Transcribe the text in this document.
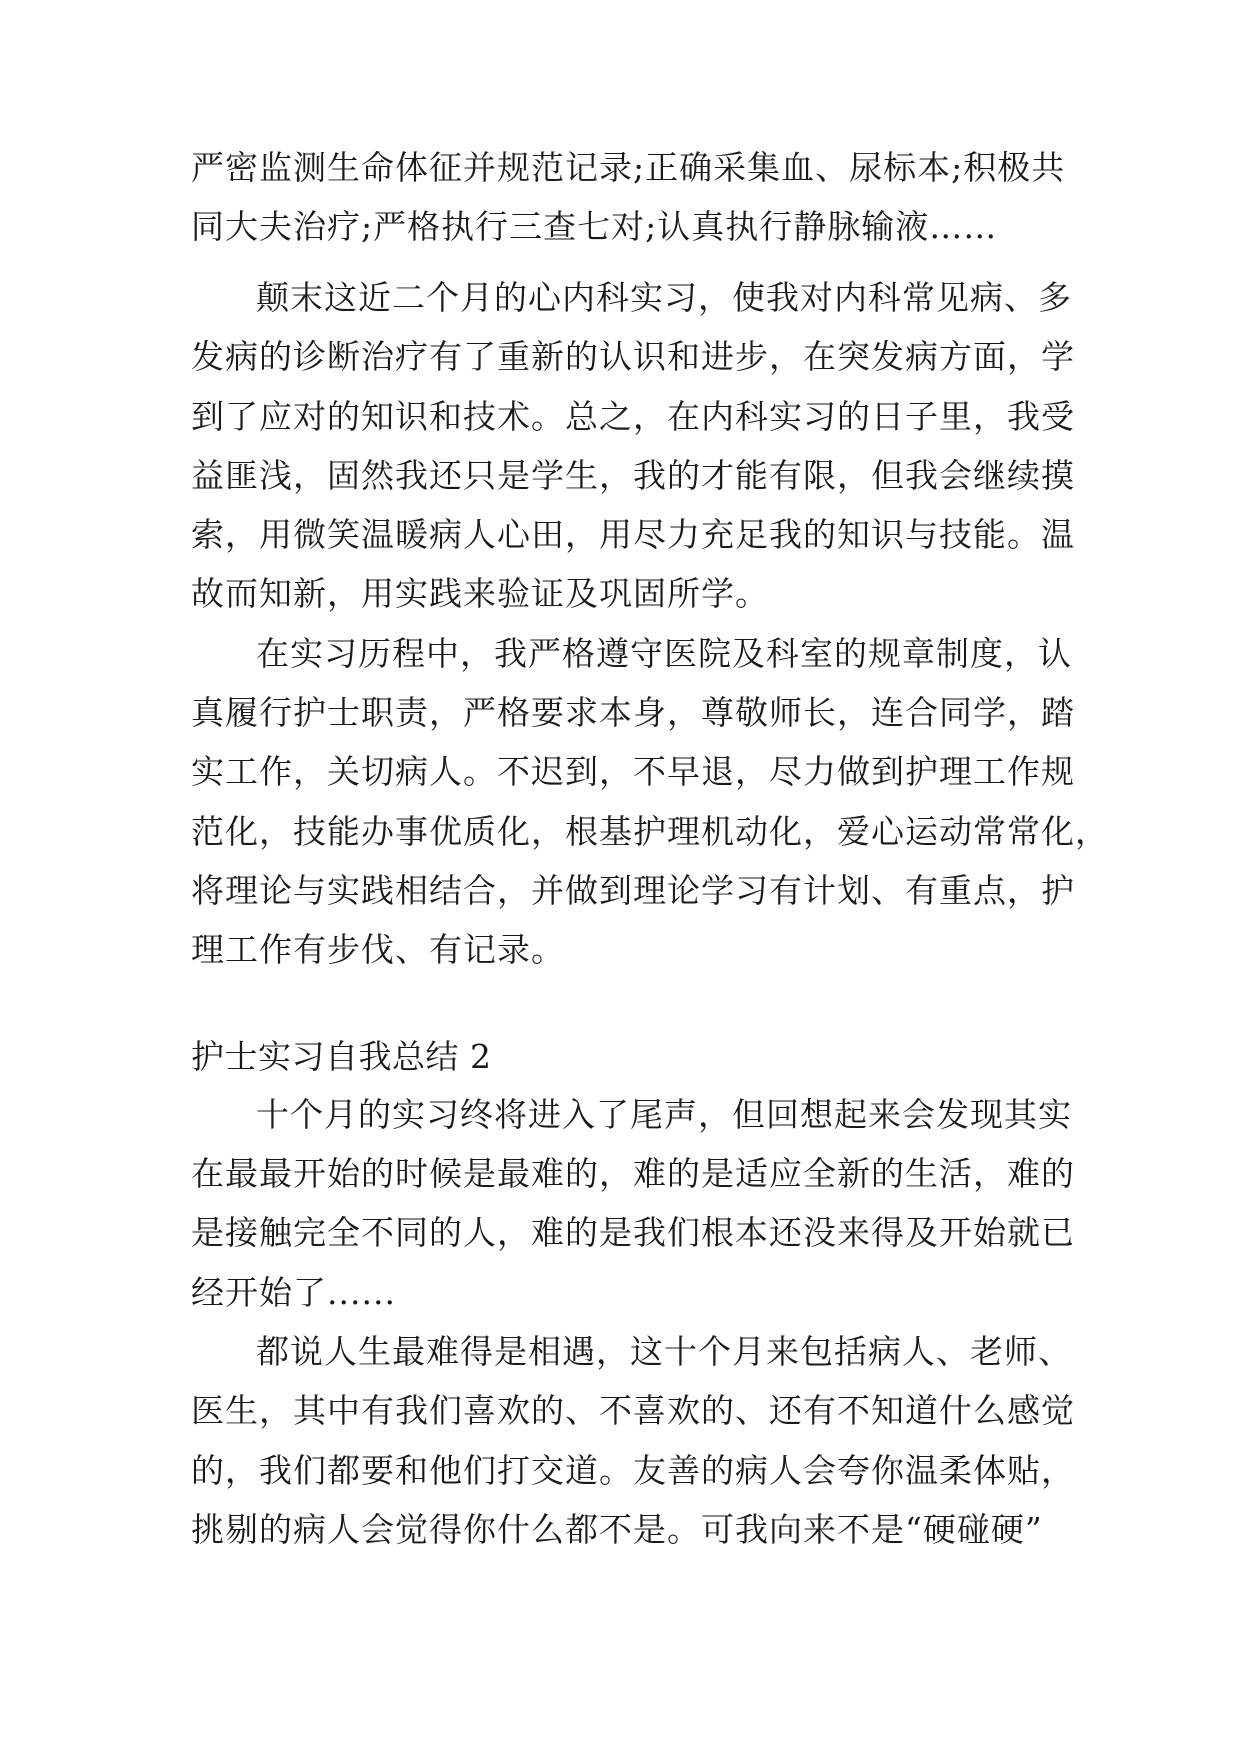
严密监测生命体征并规范记录;正确采集血、尿标本;积极共
同大夫治疗;严格执行三查七对;认真执行静脉输液……
颠末这近二个月的心内科实习，使我对内科常见病、多
发病的诊断治疗有了重新的认识和进步，在突发病方面，学
到了应对的知识和技术。总之，在内科实习的日子里，我受
益匪浅，固然我还只是学生，我的才能有限，但我会继续摸
索，用微笑温暖病人心田，用尽力充足我的知识与技能。温
故而知新，用实践来验证及巩固所学。
在实习历程中，我严格遵守医院及科室的规章制度，认
真履行护士职责，严格要求本身，尊敬师长，连合同学，踏
实工作，关切病人。不迟到，不早退，尽力做到护理工作规
范化，技能办事优质化，根基护理机动化，爱心运动常常化，
将理论与实践相结合，并做到理论学习有计划、有重点，护
理工作有步伐、有记录。
护士实习自我总结 2
十个月的实习终将进入了尾声，但回想起来会发现其实
在最最开始的时候是最难的，难的是适应全新的生活，难的
是接触完全不同的人，难的是我们根本还没来得及开始就已
经开始了......
都说人生最难得是相遇，这十个月来包括病人、老师、
医生，其中有我们喜欢的、不喜欢的、还有不知道什么感觉
的，我们都要和他们打交道。友善的病人会夸你温柔体贴，
挑剔的病人会觉得你什么都不是。可我向来不是“硬碰硬”
